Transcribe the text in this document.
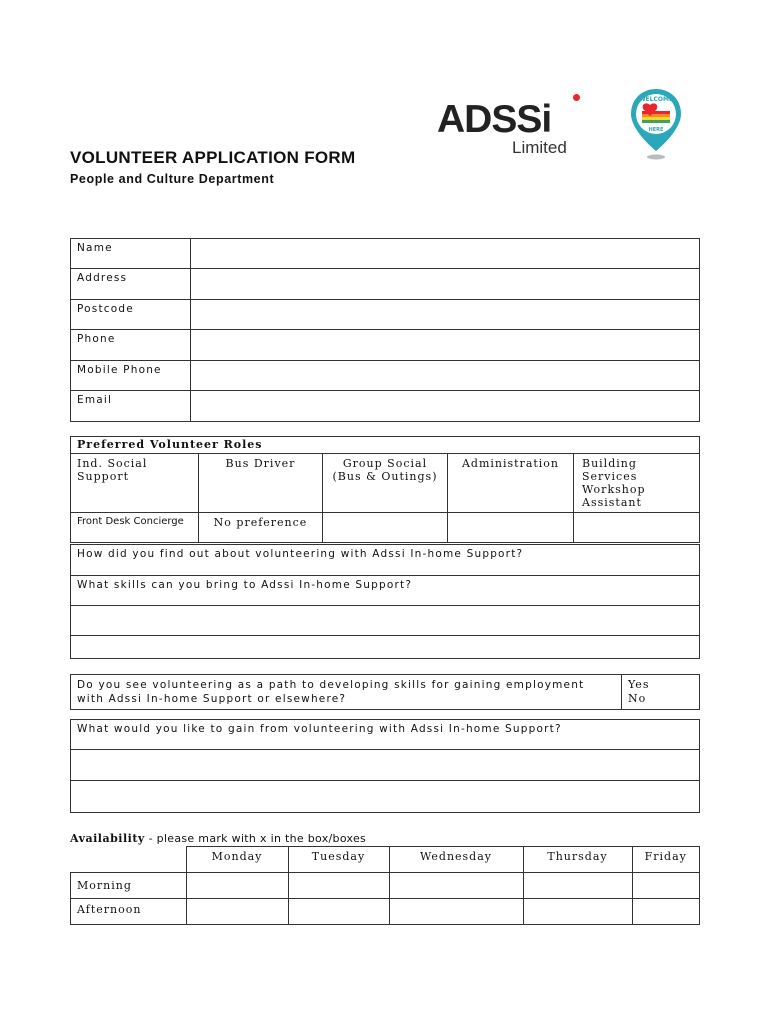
VOLUNTEER APPLICATION FORM
People and Culture Department
ADSSi
Limited
WELCOME
HERE
Name	
Address	
Postcode	
Phone	
Mobile Phone	
Email	
Preferred Volunteer Roles				
Ind. Social Support	Bus Driver	Group Social (Bus & Outings)	Administration	Building Services Workshop Assistant
Front Desk Concierge	No preference			
How did you find out about volunteering with Adssi In-home Support?
What skills can you bring to Adssi In-home Support?

Do you see volunteering as a path to developing skills for gaining employment with Adssi In-home Support or elsewhere?	
Yes
No
What would you like to gain from volunteering with Adssi In-home Support?

Availability - please mark with x in the box/boxes
	Monday	Tuesday	Wednesday	Thursday	Friday
Morning					
Afternoon					
